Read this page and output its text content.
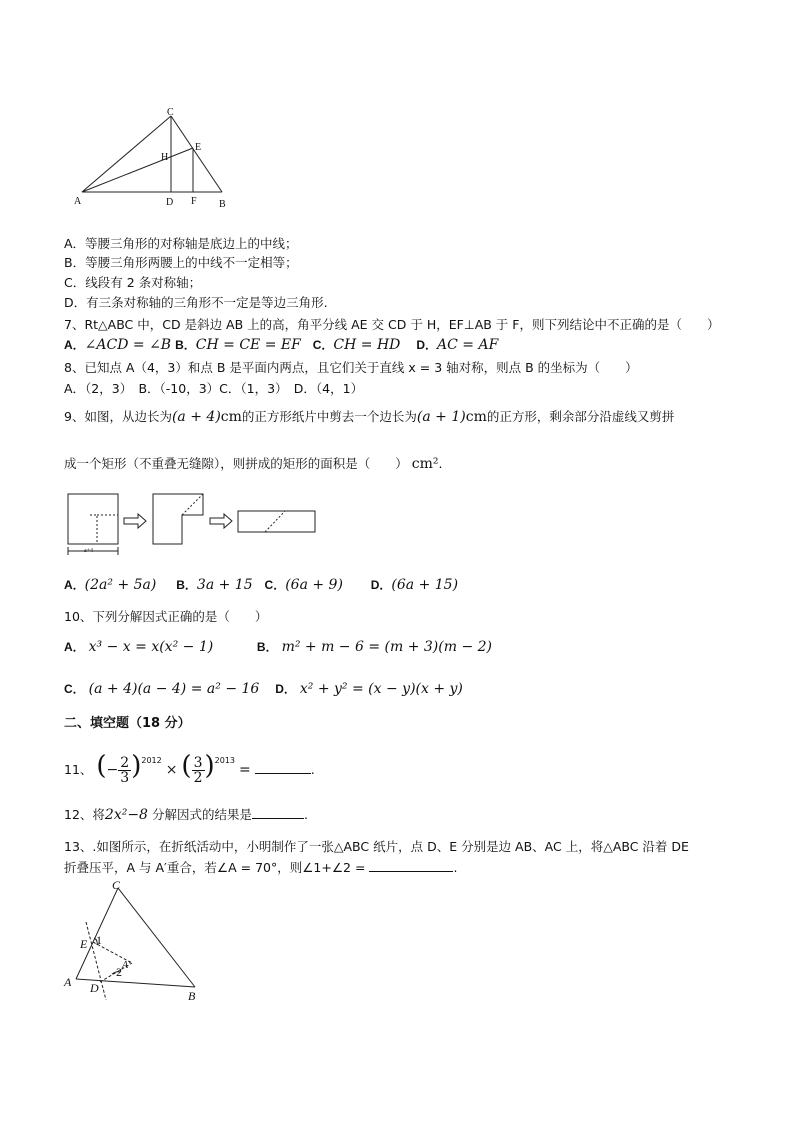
A	B
C
D
E
F
H
A．等腰三角形的对称轴是底边上的中线；
B．等腰三角形两腰上的中线不一定相等；
C．线段有 2 条对称轴；
D．有三条对称轴的三角形不一定是等边三角形.
7、Rt△ABC 中，CD 是斜边 AB 上的高，角平分线 AE 交 CD 于 H，EF⊥AB 于 F，则下列结论中不正确的是（　　）
A．∠ACD = ∠B B．CH = CE = EF C．CH = HD D．AC = AF
8、已知点 A（4，3）和点 B 是平面内两点，且它们关于直线 x = 3 轴对称，则点 B 的坐标为（　　）
A．（2，3）　B．（-10，3）C．（1，3）　D．（4，1）
9、如图，从边长为(a + 4)cm的正方形纸片中剪去一个边长为(a + 1)cm的正方形，剩余部分沿虚线又剪拼
成一个矩形（不重叠无缝隙），则拼成的矩形的面积是（　　） cm².
a+4
A．(2a² + 5a) B．3a + 15 C．(6a + 9) D．(6a + 15)
10、下列分解因式正确的是（　　）
A． x³ − x = x(x² − 1)	B． m² + m − 6 = (m + 3)(m − 2)
C． (a + 4)(a − 4) = a² − 16 D． x² + y² = (x − y)(x + y)
二、填空题（18 分）
11、 (− $\frac{2}{3} )^{2012}$ × ( $\frac{3}{2} )^{2013}$ =	.
12、将2x²−8 分解因式的结果是	.
13、.如图所示，在折纸活动中，小明制作了一张△ABC 纸片，点 D、E 分别是边 AB、AC 上，将△ABC 沿着 DE
折叠压平，A 与 A′重合，若∠A = 70°，则∠1+∠2 =	.
C
E 1
2 A′
A D
B
